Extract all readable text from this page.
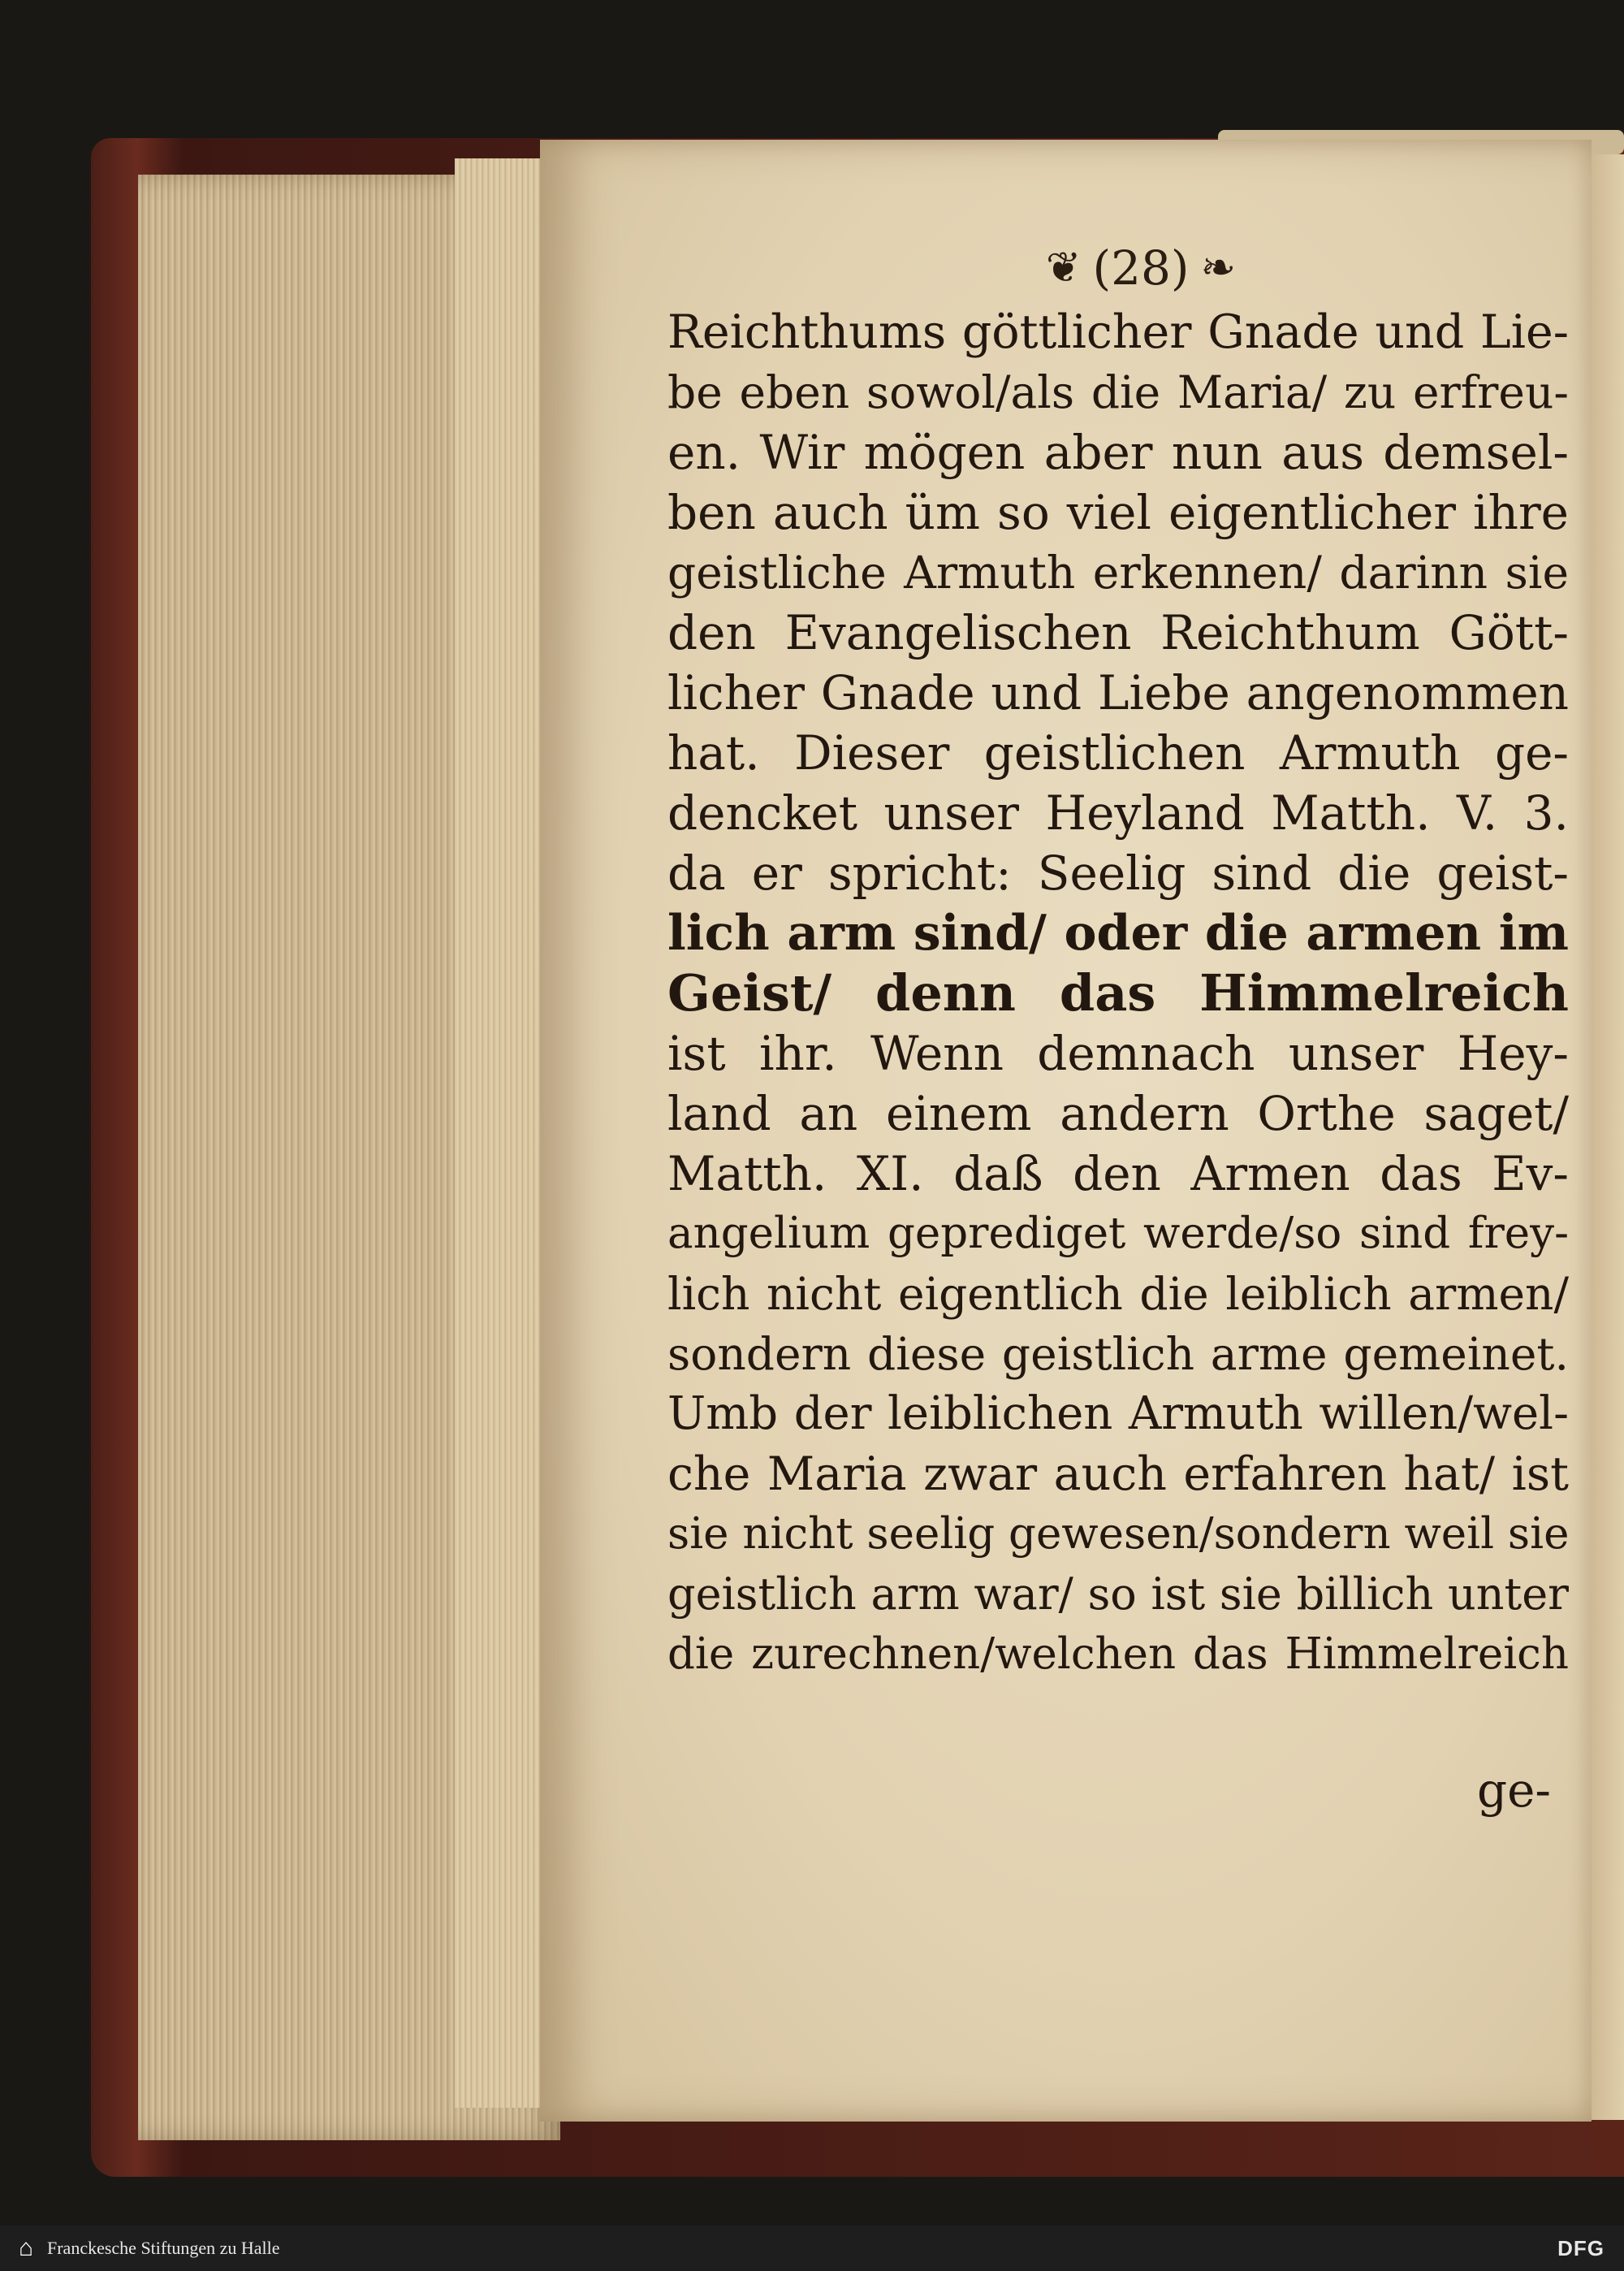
❦ (28) ❧
Reichthums göttlicher Gnade und Lie-
be eben sowol/als die Maria/ zu erfreu-
en. Wir mögen aber nun aus demsel-
ben auch üm so viel eigentlicher ihre
geistliche Armuth erkennen/ darinn sie
den Evangelischen Reichthum Gött-
licher Gnade und Liebe angenommen
hat. Dieser geistlichen Armuth ge-
dencket unser Heyland Matth. V. 3.
da er spricht: Seelig sind die geist-
lich arm sind/ oder die armen im
Geist/ denn das Himmelreich
ist ihr. Wenn demnach unser Hey-
land an einem andern Orthe saget/
Matth. XI. daß den Armen das Ev-
angelium geprediget werde/so sind frey-
lich nicht eigentlich die leiblich armen/
sondern diese geistlich arme gemeinet.
Umb der leiblichen Armuth willen/wel-
che Maria zwar auch erfahren hat/ ist
sie nicht seelig gewesen/sondern weil sie
geistlich arm war/ so ist sie billich unter
die zurechnen/welchen das Himmelreich
ge-
⌂ Franckesche Stiftungen zu Halle	DFG
